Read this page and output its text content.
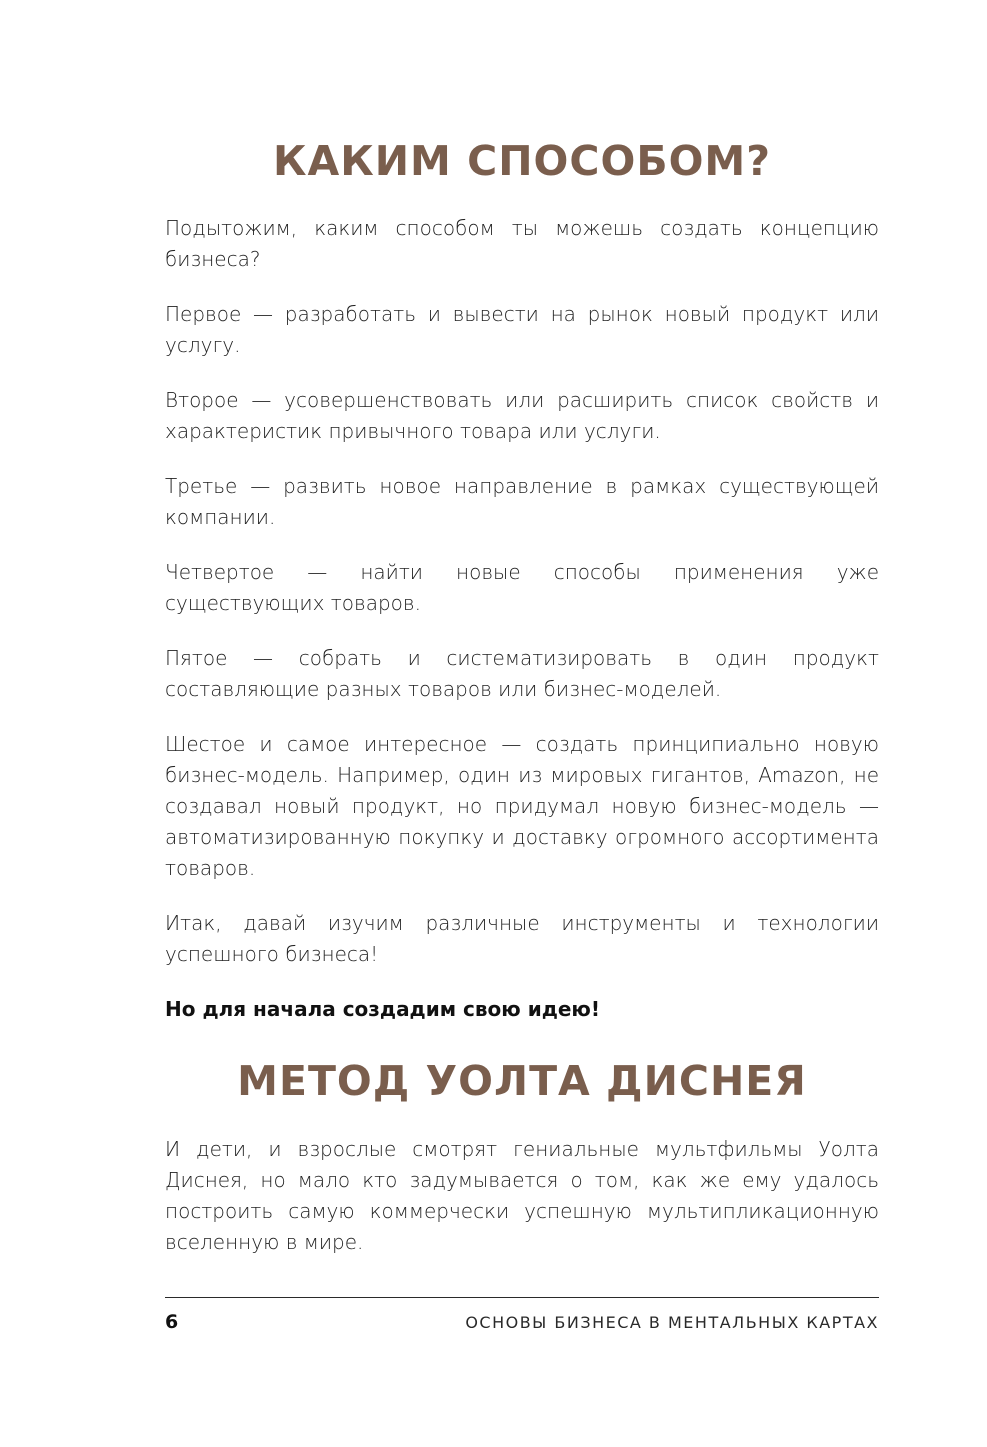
КАКИМ СПОСОБОМ?

Подытожим, каким способом ты можешь создать концепцию бизнеса?

Первое — разработать и вывести на рынок новый продукт или услугу.

Второе — усовершенствовать или расширить список свойств и характеристик привычного товара или услуги.

Третье — развить новое направление в рамках существующей компании.

Четвертое — найти новые способы применения уже существующих товаров.

Пятое — собрать и систематизировать в один продукт составляющие разных товаров или бизнес-моделей.

Шестое и самое интересное — создать принципиально новую бизнес-модель. Например, один из мировых гигантов, Amazon, не создавал новый продукт, но придумал новую бизнес-модель — автоматизированную покупку и доставку огромного ассортимента товаров.

Итак, давай изучим различные инструменты и технологии успешного бизнеса!

Но для начала создадим свою идею!

МЕТОД УОЛТА ДИСНЕЯ

И дети, и взрослые смотрят гениальные мультфильмы Уолта Диснея, но мало кто задумывается о том, как же ему удалось построить самую коммерчески успешную мультипликационную вселенную в мире.

6	ОСНОВЫ БИЗНЕСА В МЕНТАЛЬНЫХ КАРТАХ
